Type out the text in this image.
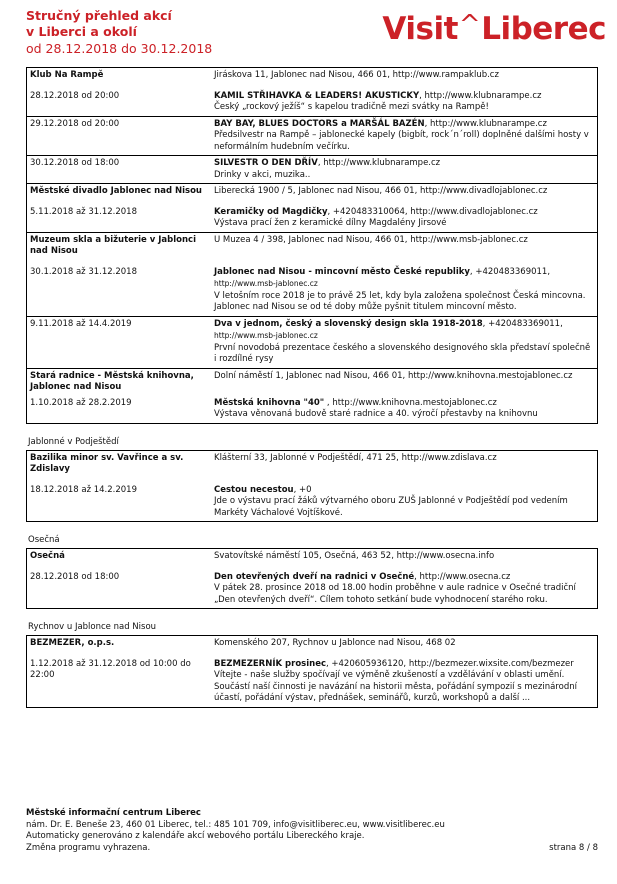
Stručný přehled akcí
v Liberci a okolí
od 28.12.2018 do 30.12.2018
Visit^Liberec
Klub Na Rampě	Jiráskova 11, Jablonec nad Nisou, 466 01, http://www.rampaklub.cz

28.12.2018 od 20:00	KAMIL STŘIHAVKA & LEADERS! AKUSTICKY, http://www.klubnarampe.cz
Český „rockový ježíš“ s kapelou tradičně mezi svátky na Rampě!
29.12.2018 od 20:00	BAY BAY, BLUES DOCTORS a MARŠÁL BAZÉN, http://www.klubnarampe.cz
Předsilvestr na Rampě – jablonecké kapely (bigbít, rock´n´roll) doplněné dalšími hosty v neformálním hudebním večírku.
30.12.2018 od 18:00	SILVESTR O DEN DŘÍV, http://www.klubnarampe.cz
Drinky v akci, muzika..
Městské divadlo Jablonec nad Nisou	Liberecká 1900 / 5, Jablonec nad Nisou, 466 01, http://www.divadlojablonec.cz

5.11.2018 až 31.12.2018	Keramičky od Magdičky, +420483310064, http://www.divadlojablonec.cz
Výstava prací žen z keramické dílny Magdalény Jirsové
Muzeum skla a bižuterie v Jablonci nad Nisou	U Muzea 4 / 398, Jablonec nad Nisou, 466 01, http://www.msb-jablonec.cz

30.1.2018 až 31.12.2018	Jablonec nad Nisou - mincovní město České republiky, +420483369011,
http://www.msb-jablonec.cz
V letošním roce 2018 je to právě 25 let, kdy byla založena společnost Česká mincovna. Jablonec nad Nisou se od té doby může pyšnit titulem mincovní město.
9.11.2018 až 14.4.2019	Dva v jednom, český a slovenský design skla 1918-2018, +420483369011,
http://www.msb-jablonec.cz
První novodobá prezentace českého a slovenského designového skla představí společně i rozdílné rysy
Stará radnice - Městská knihovna, Jablonec nad Nisou	Dolní náměstí 1, Jablonec nad Nisou, 466 01, http://www.knihovna.mestojablonec.cz
1.10.2018 až 28.2.2019	Městská knihovna "40" , http://www.knihovna.mestojablonec.cz
Výstava věnovaná budově staré radnice a 40. výročí přestavby na knihovnu
Jablonné v Podještědí
Bazilika minor sv. Vavřince a sv. Zdislavy	Klášterní 33, Jablonné v Podještědí, 471 25, http://www.zdislava.cz

18.12.2018 až 14.2.2019	Cestou necestou, +0
Jde o výstavu prací žáků výtvarného oboru ZUŠ Jablonné v Podještědí pod vedením Markéty Váchalové Vojtíškové.
Osečná
Osečná	Svatovítské náměstí 105, Osečná, 463 52, http://www.osecna.info

28.12.2018 od 18:00	Den otevřených dveří na radnici v Osečné, http://www.osecna.cz
V pátek 28. prosince 2018 od 18.00 hodin proběhne v aule radnice v Osečné tradiční „Den otevřených dveří“. Cílem tohoto setkání bude vyhodnocení starého roku.
Rychnov u Jablonce nad Nisou
BEZMEZER, o.p.s.	Komenského 207, Rychnov u Jablonce nad Nisou, 468 02

1.12.2018 až 31.12.2018 od 10:00 do 22:00	BEZMEZERNÍK prosinec, +420605936120, http://bezmezer.wixsite.com/bezmezer
Vítejte - naše služby spočívají ve výměně zkušeností a vzdělávání v oblasti umění. Součástí naší činnosti je navázání na historii města, pořádání sympozií s mezinárodní účastí, pořádání výstav, přednášek, seminářů, kurzů, workshopů a další ...
Městské informační centrum Liberec
nám. Dr. E. Beneše 23, 460 01 Liberec, tel.: 485 101 709, info@visitliberec.eu, www.visitliberec.eu
Automaticky generováno z kalendáře akcí webového portálu Libereckého kraje.
Změna programu vyhrazena.	strana 8 / 8
